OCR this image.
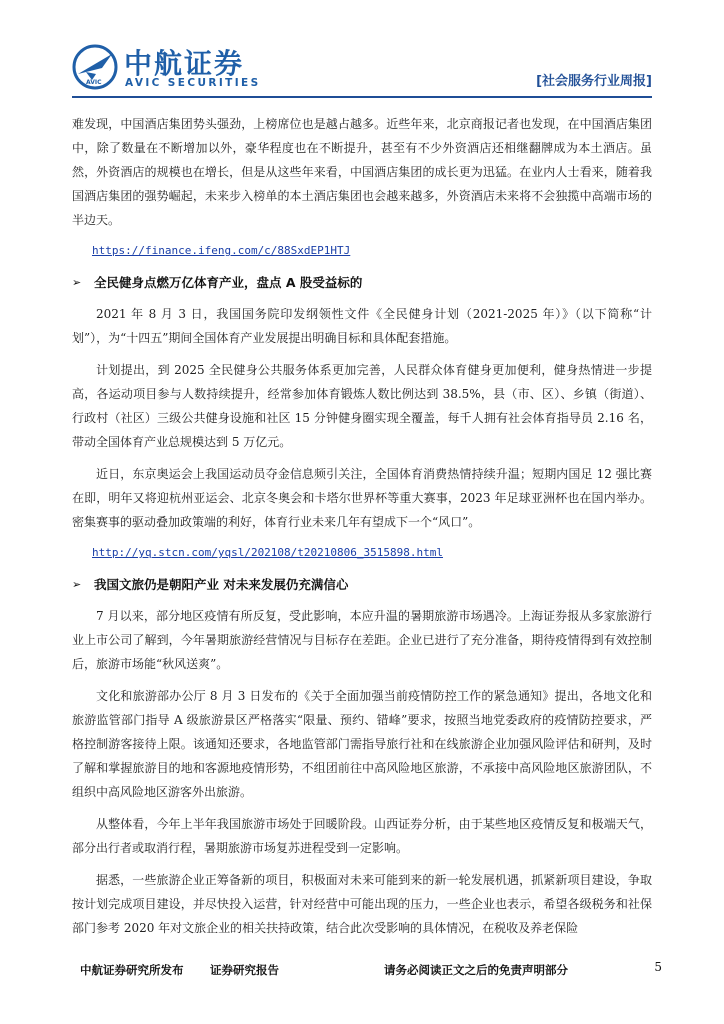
AVIC
中航证券
AVIC SECURITIES	[社会服务行业周报]

难发现，中国酒店集团势头强劲，上榜席位也是越占越多。近些年来，北京商报记者也发现，在中国酒店集团中，除了数量在不断增加以外，豪华程度也在不断提升，甚至有不少外资酒店还相继翻牌成为本土酒店。虽然，外资酒店的规模也在增长，但是从这些年来看，中国酒店集团的成长更为迅猛。在业内人士看来，随着我国酒店集团的强势崛起，未来步入榜单的本土酒店集团也会越来越多，外资酒店未来将不会独揽中高端市场的半边天。

https://finance.ifeng.com/c/88SxdEP1HTJ
➢ 全民健身点燃万亿体育产业，盘点 A 股受益标的

2021 年 8 月 3 日，我国国务院印发纲领性文件《全民健身计划（2021-2025 年）》（以下简称“计划”），为“十四五”期间全国体育产业发展提出明确目标和具体配套措施。

计划提出，到 2025 全民健身公共服务体系更加完善，人民群众体育健身更加便利，健身热情进一步提高，各运动项目参与人数持续提升，经常参加体育锻炼人数比例达到 38.5%，县（市、区）、乡镇（街道）、行政村（社区）三级公共健身设施和社区 15 分钟健身圈实现全覆盖，每千人拥有社会体育指导员 2.16 名，带动全国体育产业总规模达到 5 万亿元。

近日，东京奥运会上我国运动员夺金信息频引关注，全国体育消费热情持续升温；短期内国足 12 强比赛在即，明年又将迎杭州亚运会、北京冬奥会和卡塔尔世界杯等重大赛事，2023 年足球亚洲杯也在国内举办。密集赛事的驱动叠加政策端的利好，体育行业未来几年有望成下一个“风口”。

http://yq.stcn.com/yqsl/202108/t20210806_3515898.html
➢ 我国文旅仍是朝阳产业 对未来发展仍充满信心

7 月以来，部分地区疫情有所反复，受此影响，本应升温的暑期旅游市场遇冷。上海证券报从多家旅游行业上市公司了解到，今年暑期旅游经营情况与目标存在差距。企业已进行了充分准备，期待疫情得到有效控制后，旅游市场能“秋风送爽”。

文化和旅游部办公厅 8 月 3 日发布的《关于全面加强当前疫情防控工作的紧急通知》提出，各地文化和旅游监管部门指导 A 级旅游景区严格落实“限量、预约、错峰”要求，按照当地党委政府的疫情防控要求，严格控制游客接待上限。该通知还要求，各地监管部门需指导旅行社和在线旅游企业加强风险评估和研判，及时了解和掌握旅游目的地和客源地疫情形势，不组团前往中高风险地区旅游，不承接中高风险地区旅游团队，不组织中高风险地区游客外出旅游。

从整体看，今年上半年我国旅游市场处于回暖阶段。山西证券分析，由于某些地区疫情反复和极端天气，部分出行者或取消行程，暑期旅游市场复苏进程受到一定影响。

据悉，一些旅游企业正筹备新的项目，积极面对未来可能到来的新一轮发展机遇，抓紧新项目建设，争取按计划完成项目建设，并尽快投入运营，针对经营中可能出现的压力，一些企业也表示，希望各级税务和社保部门参考 2020 年对文旅企业的相关扶持政策，结合此次受影响的具体情况，在税收及养老保险

中航证券研究所发布 证券研究报告	请务必阅读正文之后的免责声明部分	5
